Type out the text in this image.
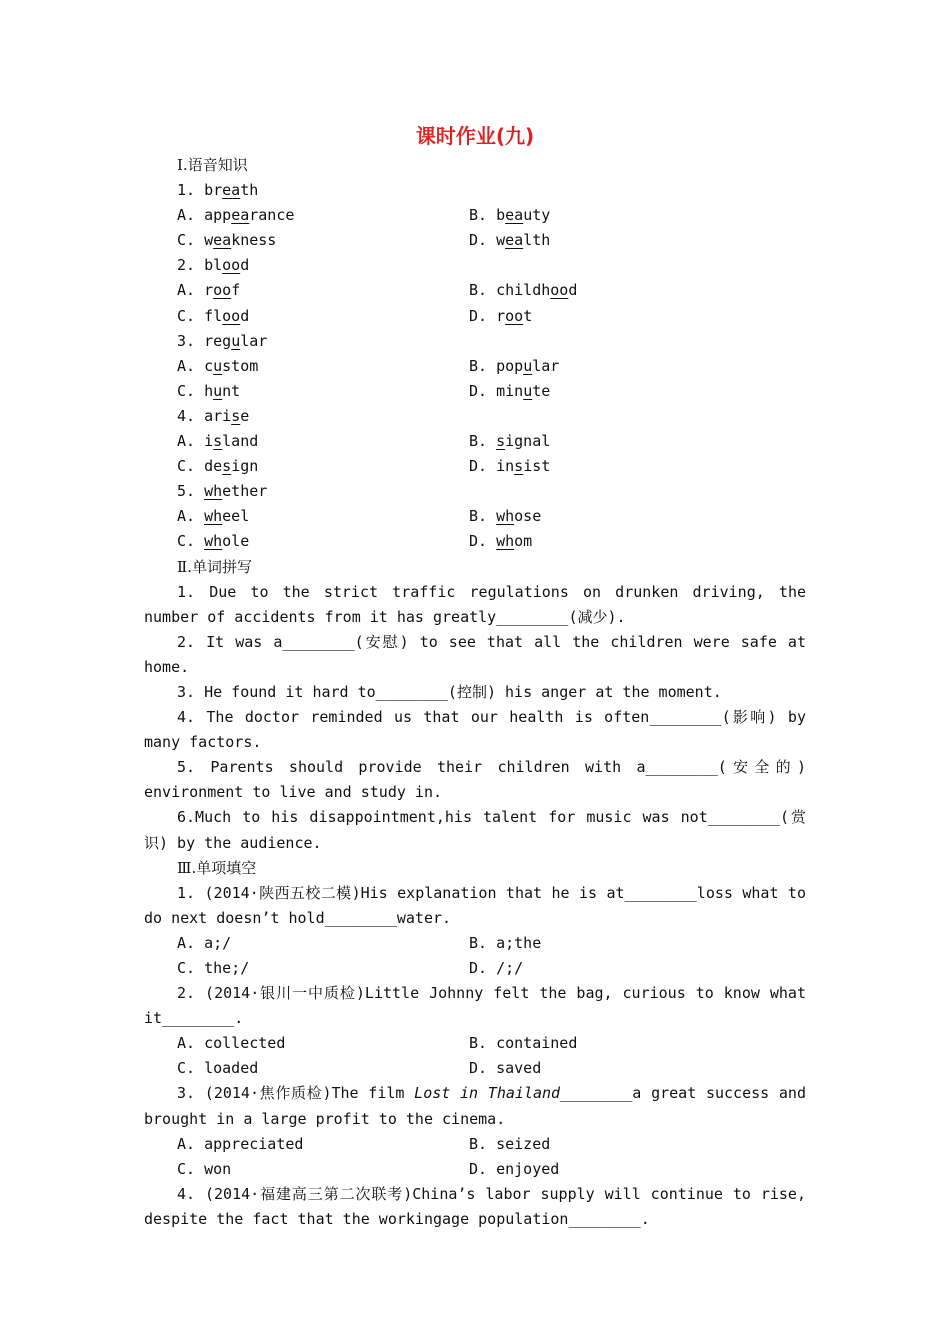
课时作业(九)
Ⅰ.语音知识
1. breath
A. appearance	B. beauty
C. weakness	D. wealth
2. blood
A. roof	B. childhood
C. flood	D. root
3. regular
A. custom	B. popular
C. hunt	D. minute
4. arise
A. island	B. signal
C. design	D. insist
5. whether
A. wheel	B. whose
C. whole	D. whom
Ⅱ.单词拼写
1. Due to the strict traffic regulations on drunken driving, the number of accidents from it has greatly________(减少).
2. It was a________(安慰) to see that all the children were safe at home.
3. He found it hard to________(控制) his anger at the moment.
4. The doctor reminded us that our health is often________(影响) by many factors.
5. Parents should provide their children with a________(安全的) environment to live and study in.
6.Much to his disappointment,his talent for music was not________(赏识) by the audience.
Ⅲ.单项填空
1. (2014·陕西五校二模)His explanation that he is at________loss what to do next doesn’t hold________water.
A. a;/	B. a;the
C. the;/	D. /;/
2. (2014·银川一中质检)Little Johnny felt the bag, curious to know what it________.
A. collected	B. contained
C. loaded	D. saved
3. (2014·焦作质检)The film Lost in Thailand________a great success and brought in a large profit to the cinema.
A. appreciated	B. seized
C. won	D. enjoyed
4. (2014·福建高三第二次联考)China’s labor supply will continue to rise, despite the fact that the workingage population________.
